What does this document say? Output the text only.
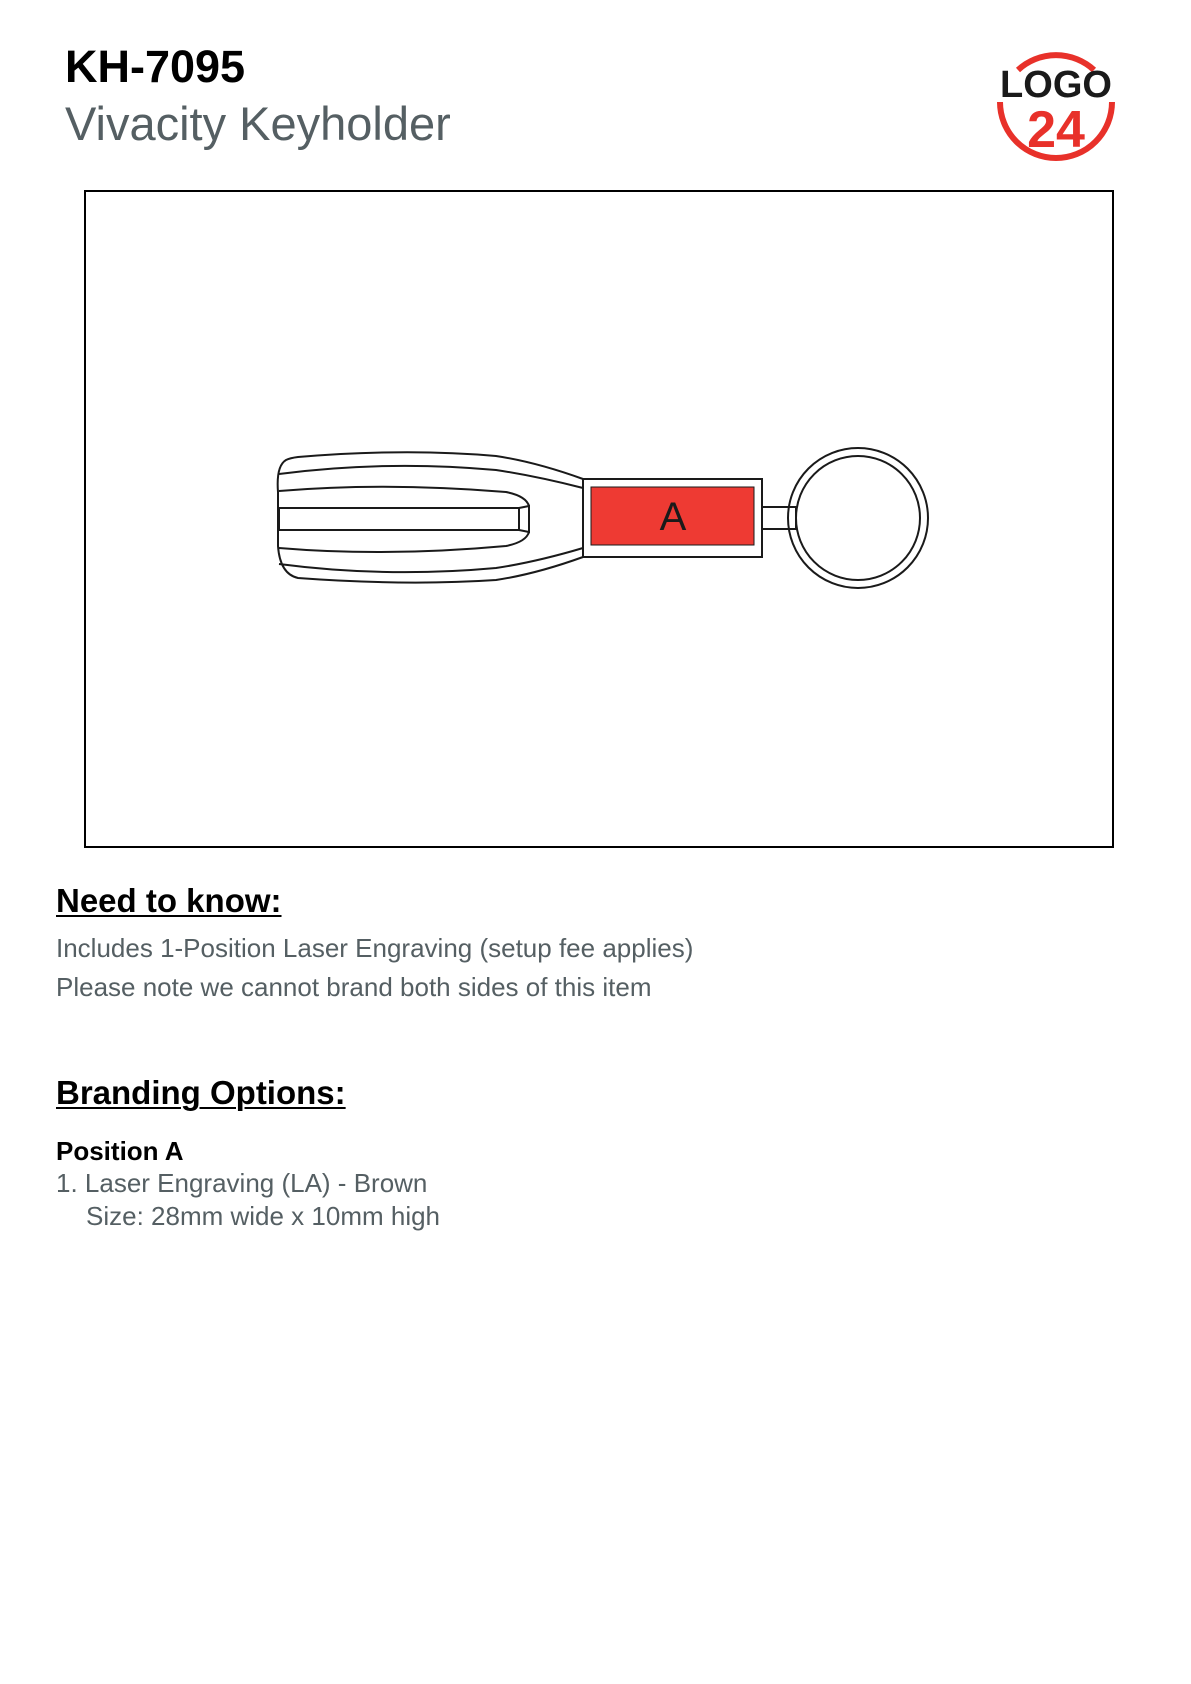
KH-7095
Vivacity Keyholder
LOGO
24
A
Need to know:
Includes 1-Position Laser Engraving (setup fee applies)
Please note we cannot brand both sides of this item
Branding Options:
Position A
1. Laser Engraving (LA) - Brown
Size: 28mm wide x 10mm high
